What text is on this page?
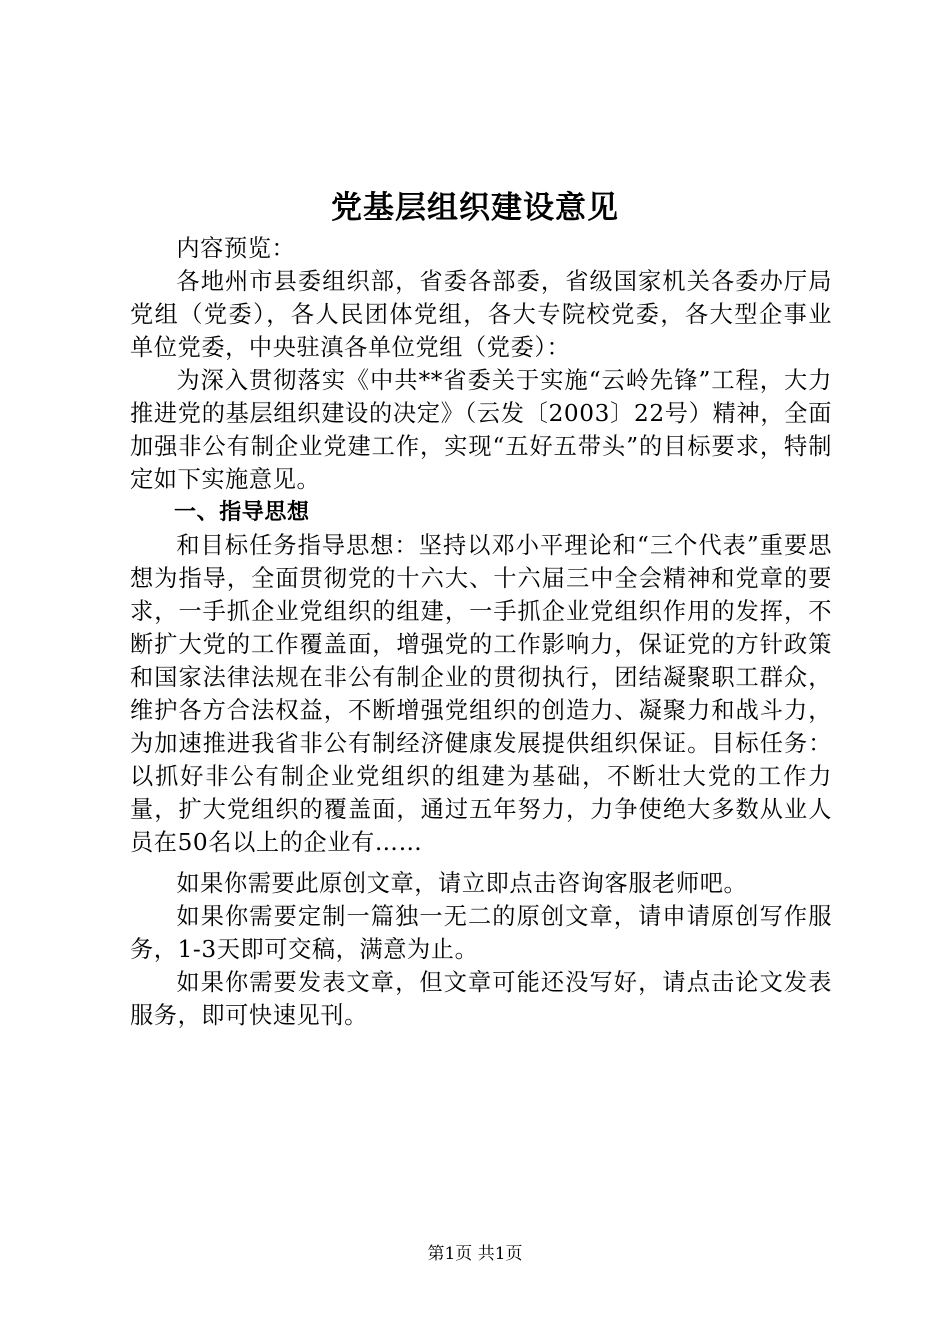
党基层组织建设意见

内容预览：

各地州市县委组织部，省委各部委，省级国家机关各委办厅局党组（党委），各人民团体党组，各大专院校党委，各大型企事业单位党委，中央驻滇各单位党组（党委）：

为深入贯彻落实《中共**省委关于实施“云岭先锋”工程，大力推进党的基层组织建设的决定》（云发〔2003〕22号）精神，全面加强非公有制企业党建工作，实现“五好五带头”的目标要求，特制定如下实施意见。

一、指导思想

和目标任务指导思想：坚持以邓小平理论和“三个代表”重要思想为指导，全面贯彻党的十六大、十六届三中全会精神和党章的要求，一手抓企业党组织的组建，一手抓企业党组织作用的发挥，不断扩大党的工作覆盖面，增强党的工作影响力，保证党的方针政策和国家法律法规在非公有制企业的贯彻执行，团结凝聚职工群众，维护各方合法权益，不断增强党组织的创造力、凝聚力和战斗力，为加速推进我省非公有制经济健康发展提供组织保证。目标任务：以抓好非公有制企业党组织的组建为基础，不断壮大党的工作力量，扩大党组织的覆盖面，通过五年努力，力争使绝大多数从业人员在50名以上的企业有……

如果你需要此原创文章，请立即点击咨询客服老师吧。

如果你需要定制一篇独一无二的原创文章，请申请原创写作服务，1-3天即可交稿，满意为止。

如果你需要发表文章，但文章可能还没写好，请点击论文发表服务，即可快速见刊。

第1页 共1页
